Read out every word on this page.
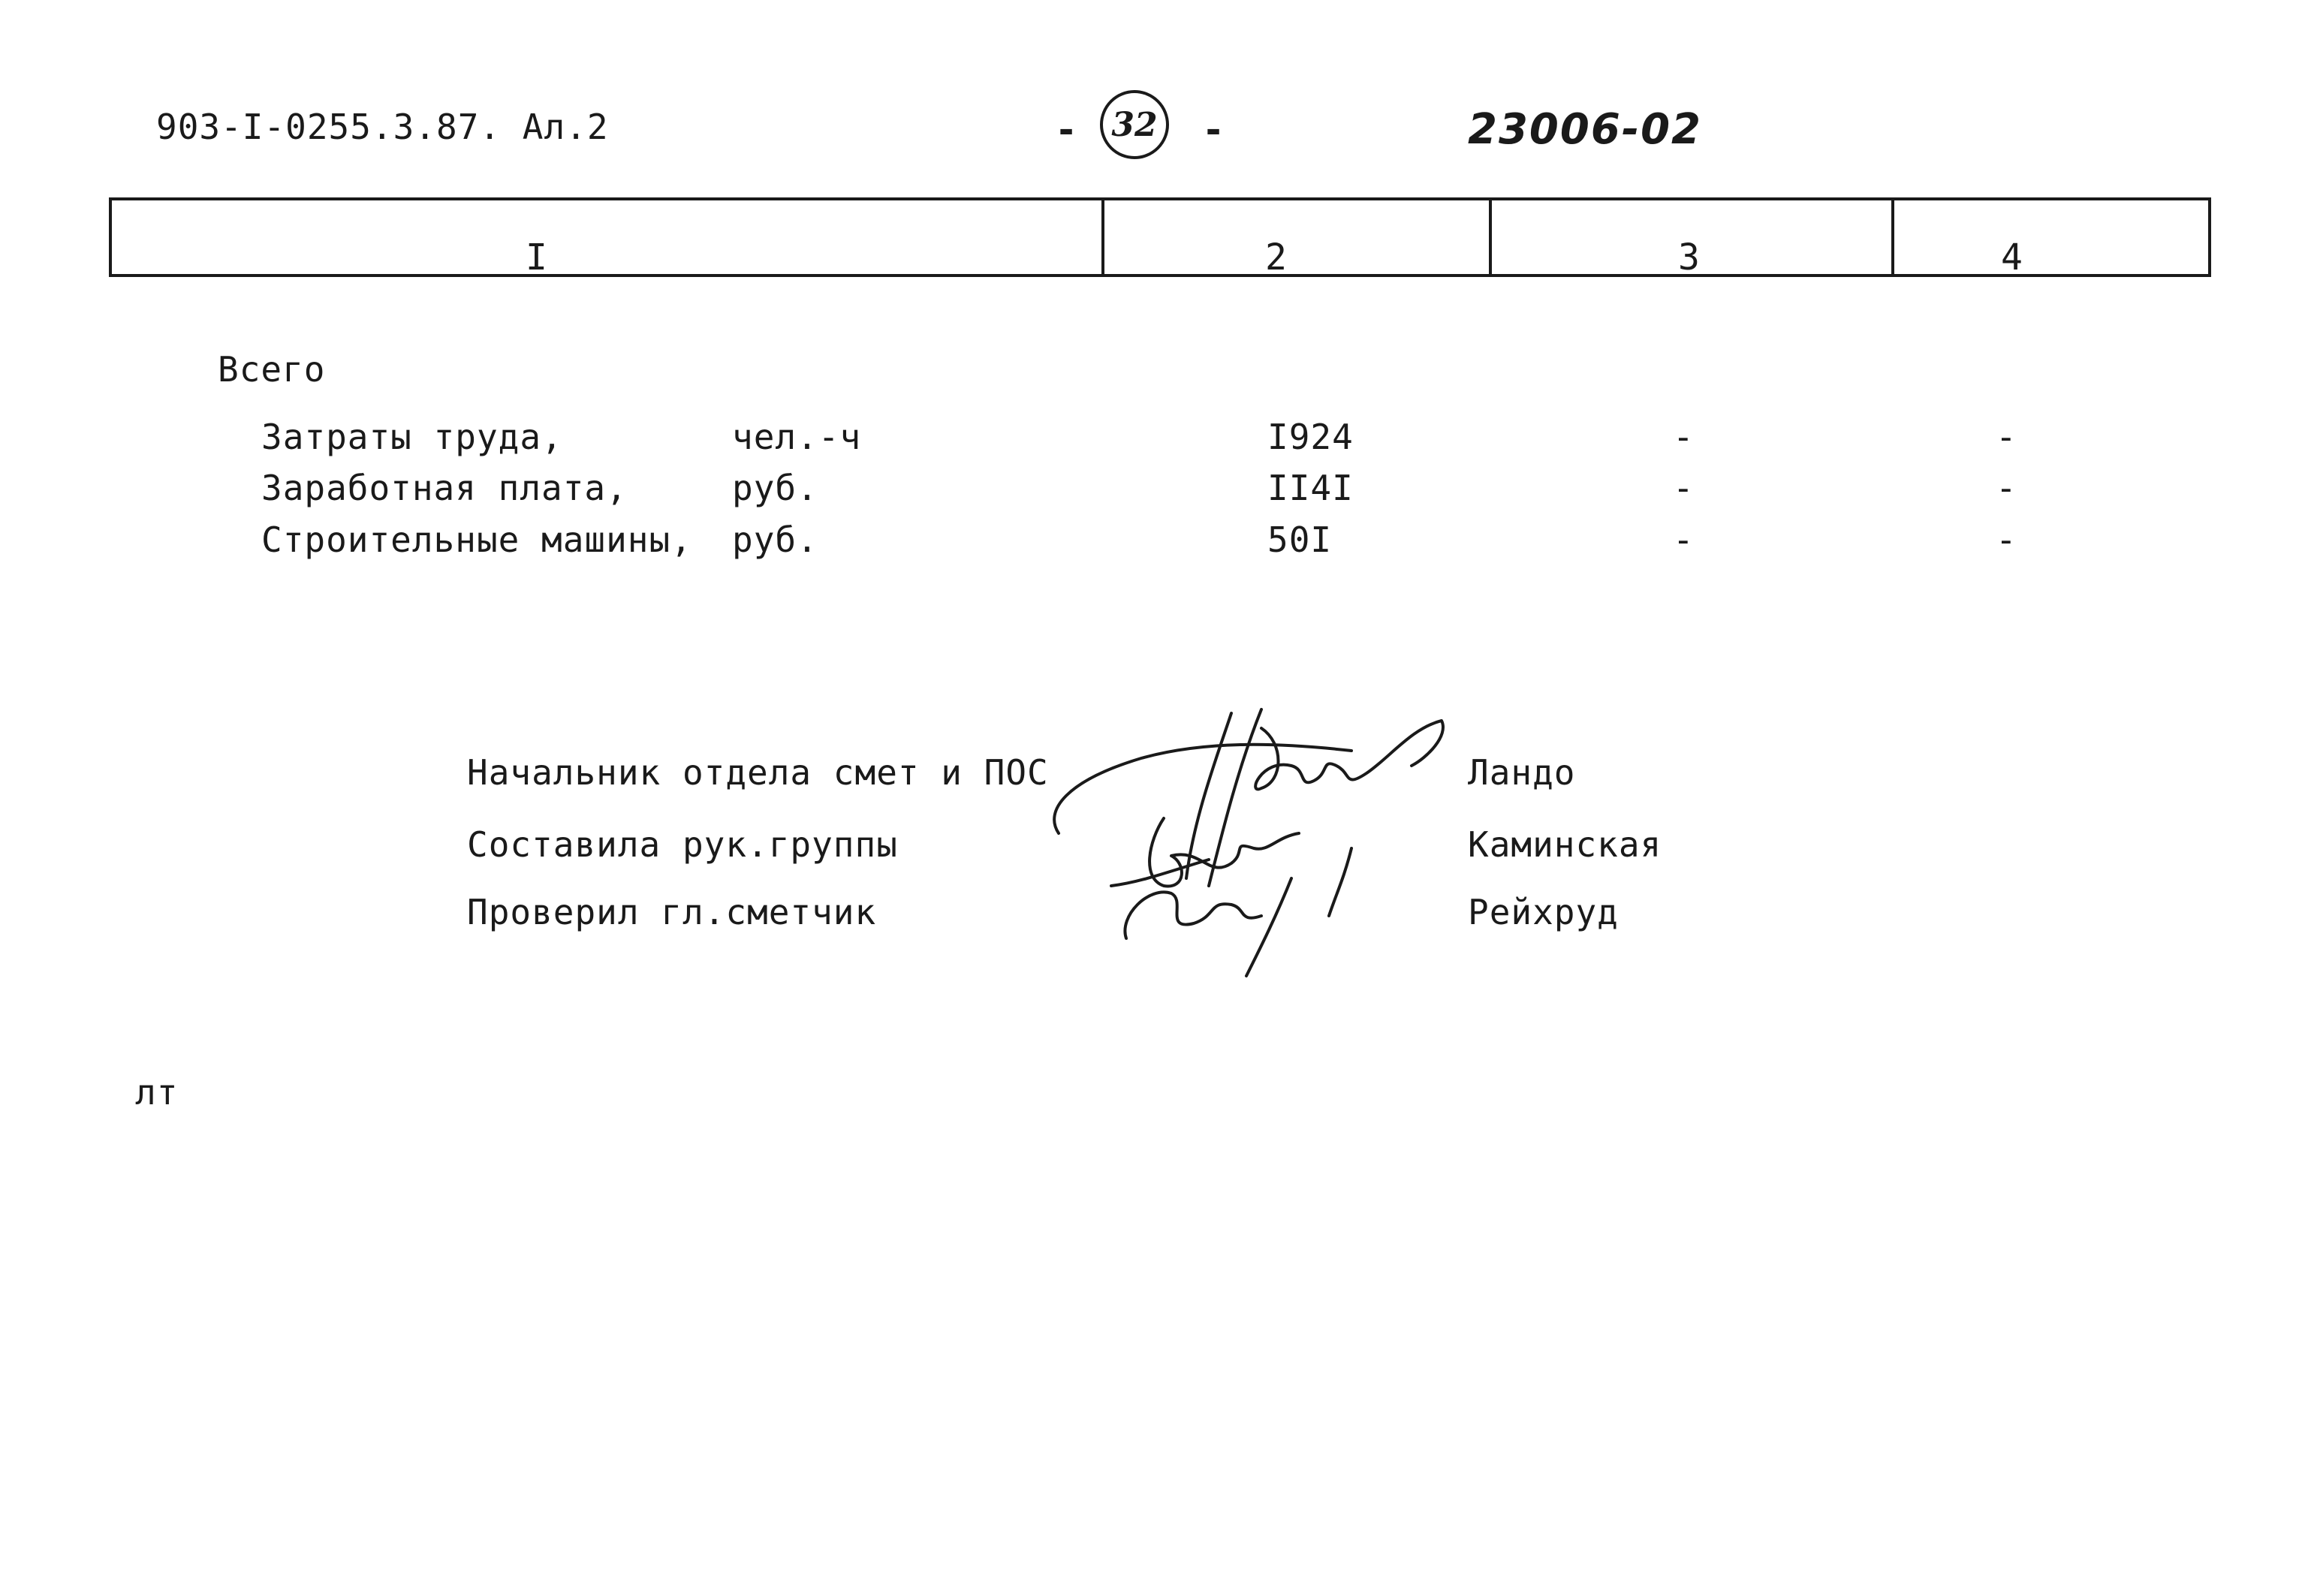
903-I-0255.3.87. Ал.2	-	32	-	23006-02
I	2	3	4
Всего
Затраты труда,	чел.-ч	I924	-	-
Заработная плата,	руб.	II4I	-	-
Строительные машины, руб.	50I	-	-
Начальник отдела смет и ПОС	Ландо
Составила рук.группы	Каминская
Проверил гл.сметчик	Рейхруд
лт
